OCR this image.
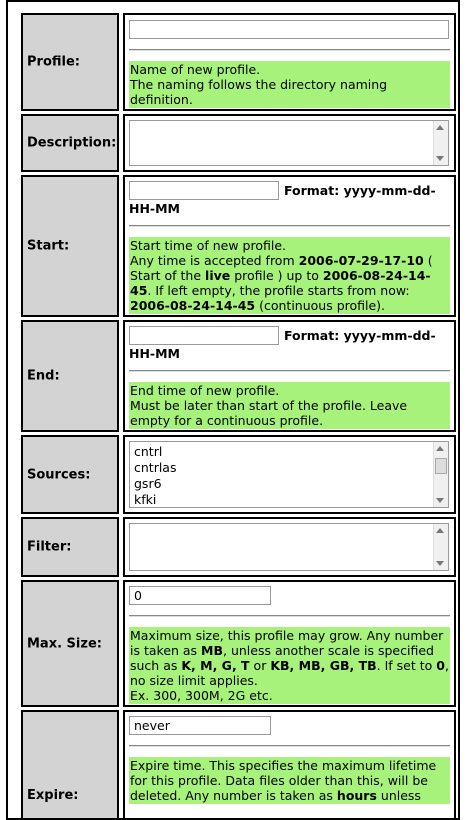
Profile:	Name of new profile.
The naming follows the directory naming
definition.
Description:
Start:
Format: yyyy-mm-dd-
HH-MM
Start time of new profile.
Any time is accepted from 2006-07-29-17-10 (
Start of the live profile ) up to 2006-08-24-14-
45. If left empty, the profile starts from now:
2006-08-24-14-45 (continuous profile).
End:
Format: yyyy-mm-dd-
HH-MM
End time of new profile.
Must be later than start of the profile. Leave
empty for a continuous profile.
Sources:
cntrl
cntrlas
gsr6
kfki
Filter:
Max. Size:
0
Maximum size, this profile may grow. Any number
is taken as MB, unless another scale is specified
such as K, M, G, T or KB, MB, GB, TB. If set to 0,
no size limit applies.
Ex. 300, 300M, 2G etc.
Expire:
never
Expire time. This specifies the maximum lifetime
for this profile. Data files older than this, will be
deleted. Any number is taken as hours unless
